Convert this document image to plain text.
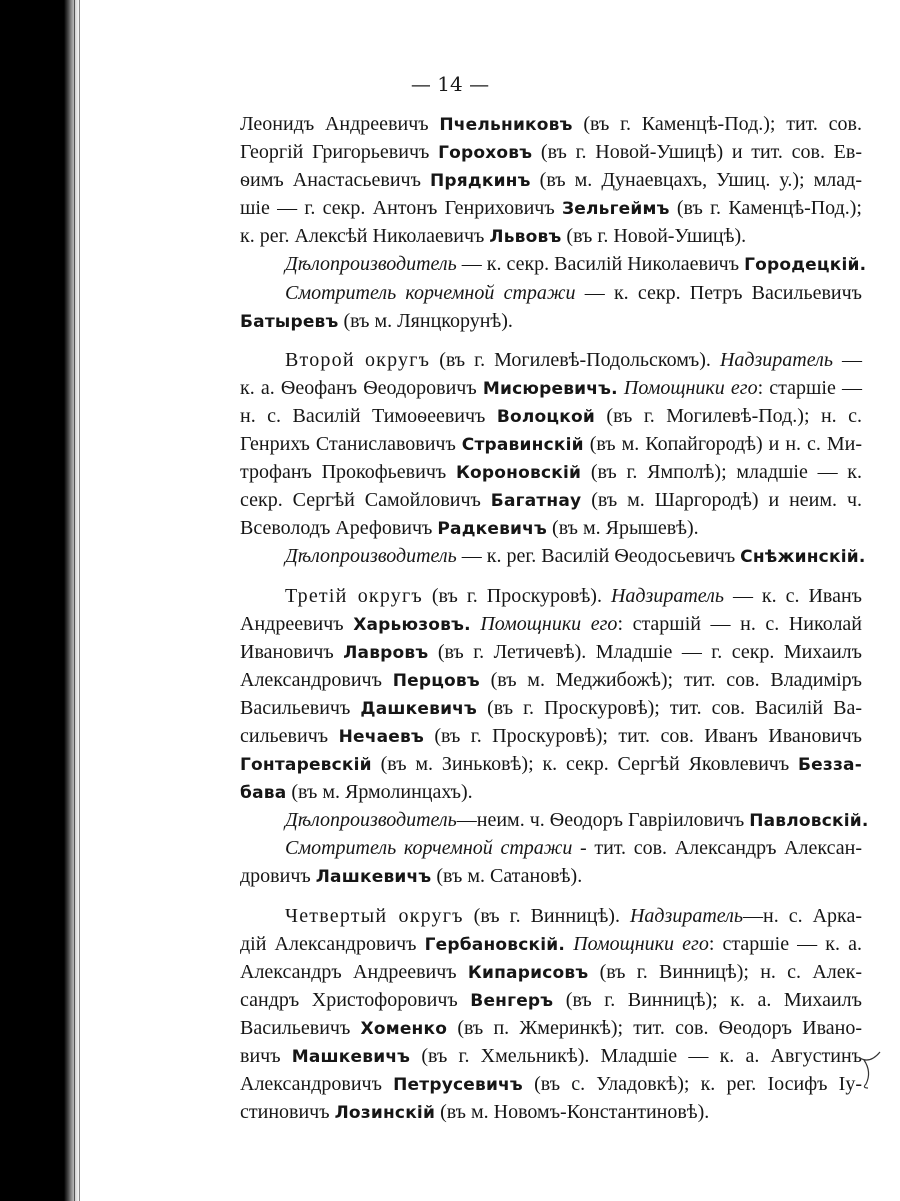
— 14 —
Леонидъ Андреевичъ Пчельниковъ (въ г. Каменцѣ-Под.); тит. сов.
Георгій Григорьевичъ Гороховъ (въ г. Новой-Ушицѣ) и тит. сов. Ев-
ѳимъ Анастасьевичъ Прядкинъ (въ м. Дунаевцахъ, Ушиц. у.); млад-
шіе — г. секр. Антонъ Генриховичъ Зельгеймъ (въ г. Каменцѣ-Под.);
к. рег. Алексѣй Николаевичъ Львовъ (въ г. Новой-Ушицѣ).
Дѣлопроизводитель — к. секр. Василій Николаевичъ Городецкій.
Смотритель корчемной стражи — к. секр. Петръ Васильевичъ
Батыревъ (въ м. Лянцкорунѣ).
Второй округъ (въ г. Могилевѣ-Подольскомъ). Надзиратель —
к. а. Ѳеофанъ Ѳеодоровичъ Мисюревичъ. Помощники его: старшіе —
н. с. Василій Тимоѳеевичъ Волоцкой (въ г. Могилевѣ-Под.); н. с.
Генрихъ Станиславовичъ Стравинскій (въ м. Копайгородѣ) и н. с. Ми-
трофанъ Прокофьевичъ Короновскій (въ г. Ямполѣ); младшіе — к.
секр. Сергѣй Самойловичъ Багатнау (въ м. Шаргородѣ) и неим. ч.
Всеволодъ Арефовичъ Радкевичъ (въ м. Ярышевѣ).
Дѣлопроизводитель — к. рег. Василій Ѳеодосьевичъ Снѣжинскій.
Третій округъ (въ г. Проскуровѣ). Надзиратель — к. с. Иванъ
Андреевичъ Харьюзовъ. Помощники его: старшій — н. с. Николай
Ивановичъ Лавровъ (въ г. Летичевѣ). Младшіе — г. секр. Михаилъ
Александровичъ Перцовъ (въ м. Меджибожѣ); тит. сов. Владиміръ
Васильевичъ Дашкевичъ (въ г. Проскуровѣ); тит. сов. Василій Ва-
сильевичъ Нечаевъ (въ г. Проскуровѣ); тит. сов. Иванъ Ивановичъ
Гонтаревскій (въ м. Зиньковѣ); к. секр. Сергѣй Яковлевичъ Безза-
бава (въ м. Ярмолинцахъ).
Дѣлопроизводитель—неим. ч. Ѳеодоръ Гавріиловичъ Павловскій.
Смотритель корчемной стражи - тит. сов. Александръ Алексан-
дровичъ Лашкевичъ (въ м. Сатановѣ).
Четвертый округъ (въ г. Винницѣ). Надзиратель—н. с. Арка-
дій Александровичъ Гербановскій. Помощники его: старшіе — к. а.
Александръ Андреевичъ Кипарисовъ (въ г. Винницѣ); н. с. Алек-
сандръ Христофоровичъ Венгеръ (въ г. Винницѣ); к. а. Михаилъ
Васильевичъ Хоменко (въ п. Жмеринкѣ); тит. сов. Ѳеодоръ Ивано-
вичъ Машкевичъ (въ г. Хмельникѣ). Младшіе — к. а. Августинъ
Александровичъ Петрусевичъ (въ с. Уладовкѣ); к. рег. Іосифъ Іу-
стиновичъ Лозинскій (въ м. Новомъ-Константиновѣ).
